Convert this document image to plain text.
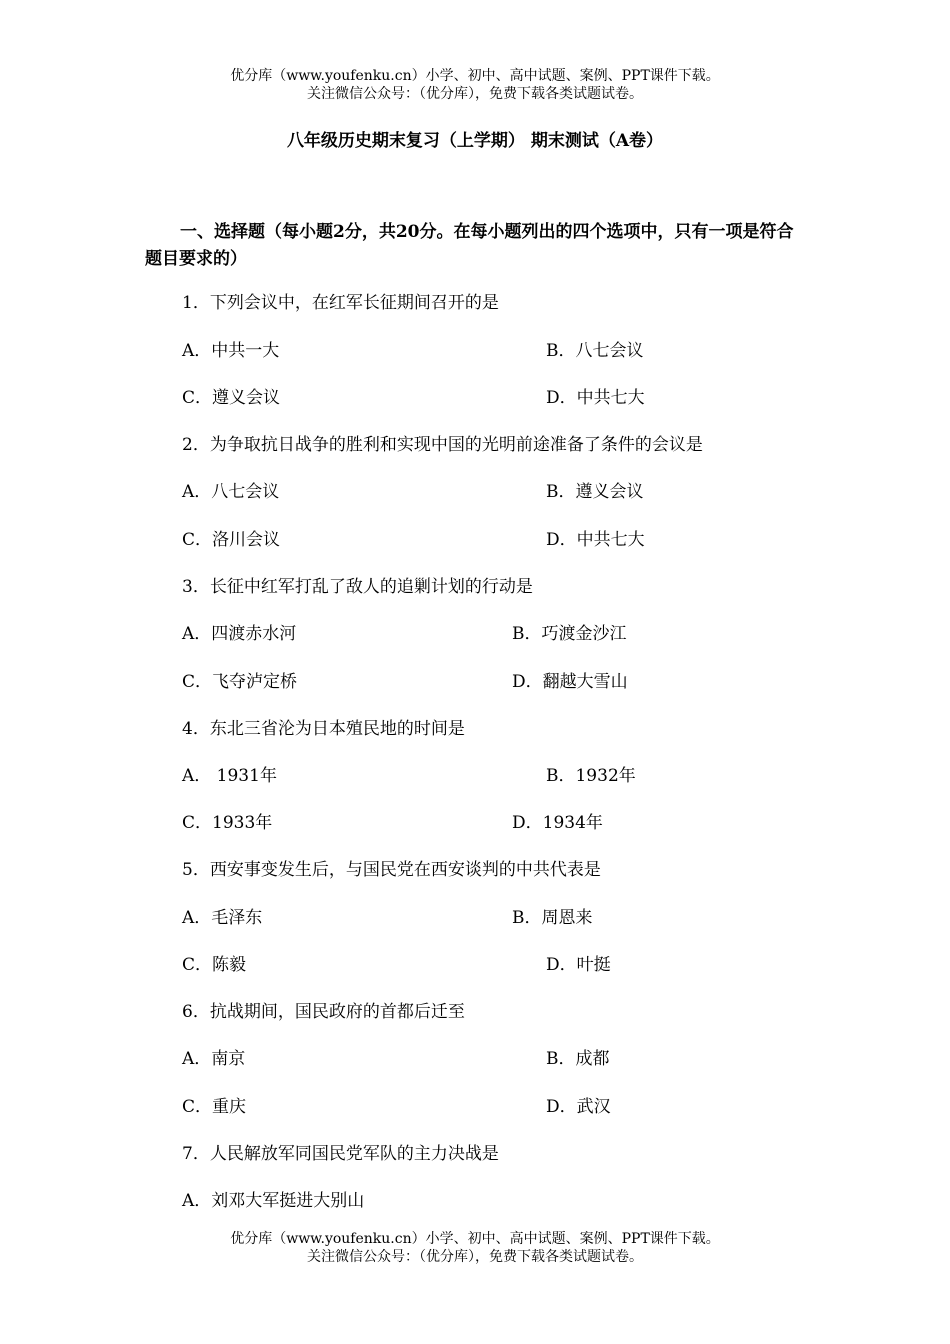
优分库（www.youfenku.cn）小学、初中、高中试题、案例、PPT课件下载。
关注微信公众号：（优分库），免费下载各类试题试卷。
八年级历史期末复习（上学期） 期末测试（A卷）
一、选择题（每小题2分，共20分。在每小题列出的四个选项中，只有一项是符合题目要求的）
1．下列会议中，在红军长征期间召开的是
A．中共一大	B．八七会议
C．遵义会议	D．中共七大
2．为争取抗日战争的胜利和实现中国的光明前途准备了条件的会议是
A．八七会议	B．遵义会议
C．洛川会议	D．中共七大
3．长征中红军打乱了敌人的追剿计划的行动是
A．四渡赤水河	B．巧渡金沙江
C．飞夺泸定桥	D．翻越大雪山
4．东北三省沦为日本殖民地的时间是
A． 1931年	B．1932年
C．1933年	D．1934年
5．西安事变发生后，与国民党在西安谈判的中共代表是
A．毛泽东	B．周恩来
C．陈毅	D．叶挺
6．抗战期间，国民政府的首都后迁至
A．南京	B．成都
C．重庆	D．武汉
7．人民解放军同国民党军队的主力决战是
A．刘邓大军挺进大别山
优分库（www.youfenku.cn）小学、初中、高中试题、案例、PPT课件下载。
关注微信公众号：（优分库），免费下载各类试题试卷。
